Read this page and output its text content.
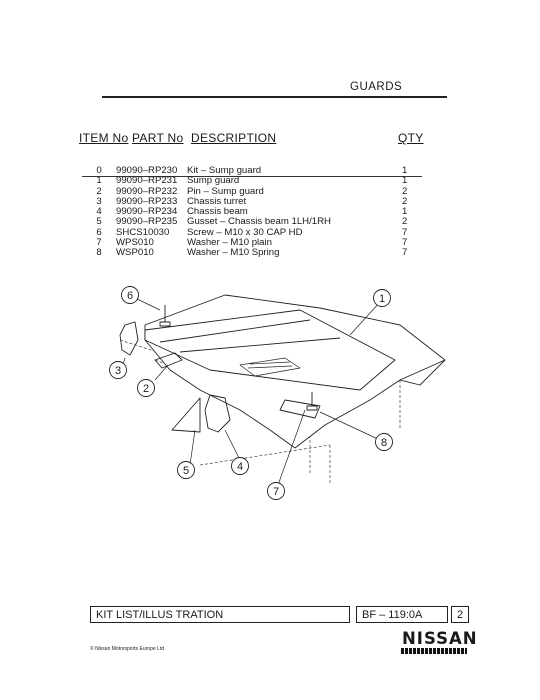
GUARDS
ITEM No PART No DESCRIPTION	QTY
0	99090–RP230 Kit – Sump guard	1
1	99090–RP231 Sump guard	1
2	99090–RP232 Pin – Sump guard	2
3	99090–RP233 Chassis turret	2
4	99090–RP234 Chassis beam	1
5	99090–RP235 Gusset – Chassis beam 1LH/1RH	2
6	SHCS10030 Screw – M10 x 30 CAP HD	7
7	WPS010	Washer – M10 plain	7
8	WSP010	Washer – M10 Spring	7
1
2
3
4
5
6
7
8
KIT LIST/ILLUS TRATION	BF – 119:0A	2
© Nissan Motorsports Europe Ltd
NISSAN
